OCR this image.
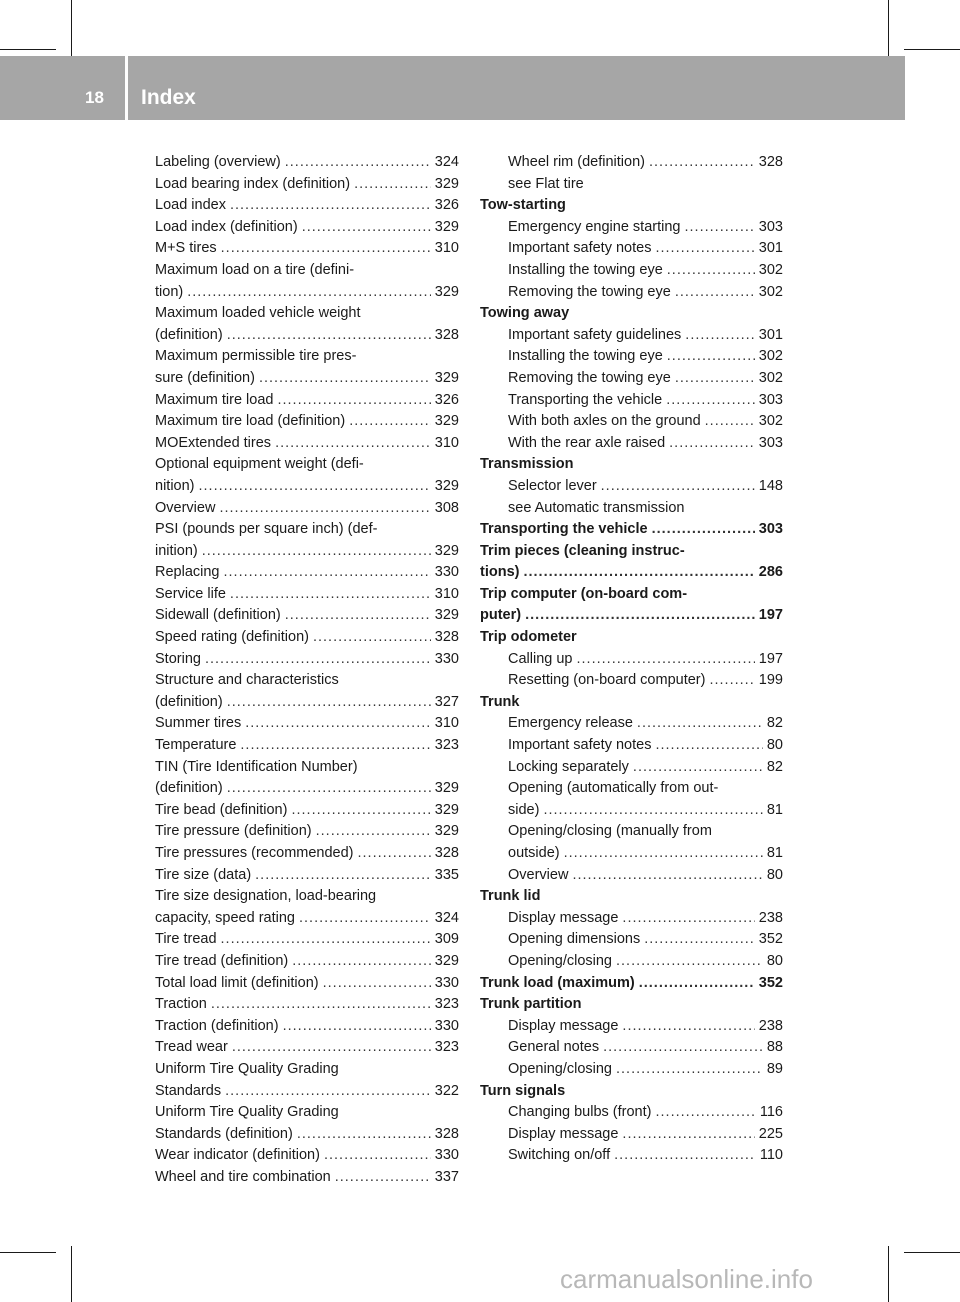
18	Index
Labeling (overview) .....	324
Load bearing index (definition) .....	329
Load index .....	326
Load index (definition) .....	329
M+S tires .....	310
Maximum load on a tire (defini-
tion) .....	329
Maximum loaded vehicle weight
(definition) .....	328
Maximum permissible tire pres-
sure (definition) .....	329
Maximum tire load .....	326
Maximum tire load (definition) .....	329
MOExtended tires .....	310
Optional equipment weight (defi-
nition) .....	329
Overview .....	308
PSI (pounds per square inch) (def-
inition) .....	329
Replacing .....	330
Service life .....	310
Sidewall (definition) .....	329
Speed rating (definition) .....	328
Storing .....	330
Structure and characteristics
(definition) .....	327
Summer tires .....	310
Temperature .....	323
TIN (Tire Identification Number)
(definition) .....	329
Tire bead (definition) .....	329
Tire pressure (definition) .....	329
Tire pressures (recommended) .....	328
Tire size (data) .....	335
Tire size designation, load-bearing
capacity, speed rating .....	324
Tire tread .....	309
Tire tread (definition) .....	329
Total load limit (definition) .....	330
Traction .....	323
Traction (definition) .....	330
Tread wear .....	323
Uniform Tire Quality Grading
Standards .....	322
Uniform Tire Quality Grading
Standards (definition) .....	328
Wear indicator (definition) .....	330
Wheel and tire combination .....	337
Wheel rim (definition) .....	328
see Flat tire
Tow-starting
Emergency engine starting .....	303
Important safety notes .....	301
Installing the towing eye .....	302
Removing the towing eye .....	302
Towing away
Important safety guidelines .....	301
Installing the towing eye .....	302
Removing the towing eye .....	302
Transporting the vehicle .....	303
With both axles on the ground .....	302
With the rear axle raised .....	303
Transmission
Selector lever .....	148
see Automatic transmission
Transporting the vehicle .....	303
Trim pieces (cleaning instruc-
tions) .....	286
Trip computer (on-board com-
puter) .....	197
Trip odometer
Calling up .....	197
Resetting (on-board computer) .....	199
Trunk
Emergency release .....	82
Important safety notes .....	80
Locking separately .....	82
Opening (automatically from out-
side) .....	81
Opening/closing (manually from
outside) .....	81
Overview .....	80
Trunk lid
Display message .....	238
Opening dimensions .....	352
Opening/closing .....	80
Trunk load (maximum) .....	352
Trunk partition
Display message .....	238
General notes .....	88
Opening/closing .....	89
Turn signals
Changing bulbs (front) .....	116
Display message .....	225
Switching on/off .....	110
carmanualsonline.info
